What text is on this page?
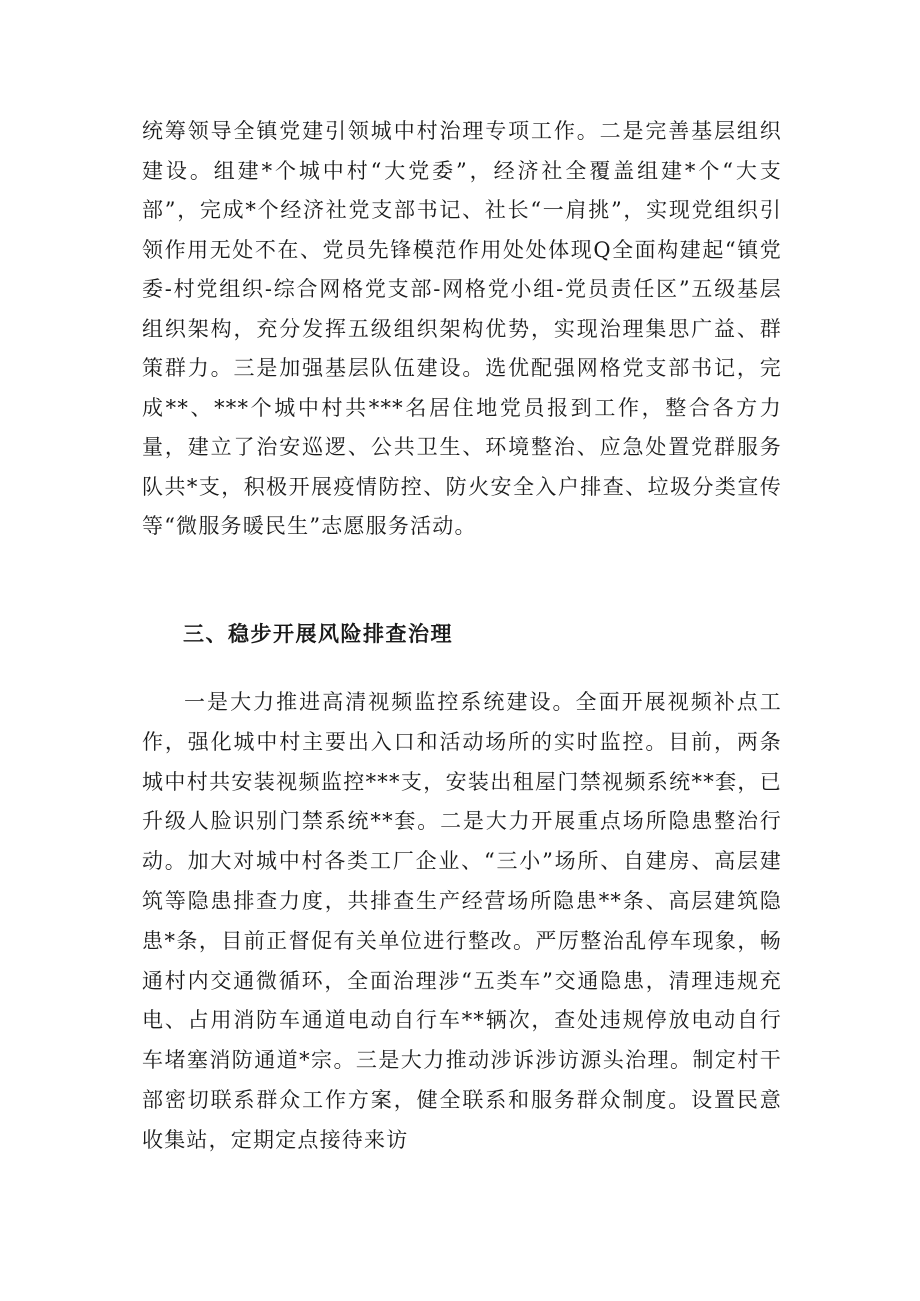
统筹领导全镇党建引领城中村治理专项工作。二是完善基层组织建设。组建*个城中村“大党委”，经济社全覆盖组建*个“大支部”，完成*个经济社党支部书记、社长“一肩挑”，实现党组织引领作用无处不在、党员先锋模范作用处处体现Q全面构建起“镇党委-村党组织-综合网格党支部-网格党小组-党员责任区”五级基层组织架构，充分发挥五级组织架构优势，实现治理集思广益、群策群力。三是加强基层队伍建设。选优配强网格党支部书记，完成**、***个城中村共***名居住地党员报到工作，整合各方力量，建立了治安巡逻、公共卫生、环境整治、应急处置党群服务队共*支，积极开展疫情防控、防火安全入户排查、垃圾分类宣传等“微服务暖民生”志愿服务活动。

三、稳步开展风险排查治理

一是大力推进高清视频监控系统建设。全面开展视频补点工作，强化城中村主要出入口和活动场所的实时监控。目前，两条城中村共安装视频监控***支，安装出租屋门禁视频系统**套，已升级人脸识别门禁系统**套。二是大力开展重点场所隐患整治行动。加大对城中村各类工厂企业、“三小”场所、自建房、高层建筑等隐患排查力度，共排查生产经营场所隐患**条、高层建筑隐患*条，目前正督促有关单位进行整改。严厉整治乱停车现象，畅通村内交通微循环，全面治理涉“五类车”交通隐患，清理违规充电、占用消防车通道电动自行车**辆次，查处违规停放电动自行车堵塞消防通道*宗。三是大力推动涉诉涉访源头治理。制定村干部密切联系群众工作方案，健全联系和服务群众制度。设置民意收集站，定期定点接待来访
